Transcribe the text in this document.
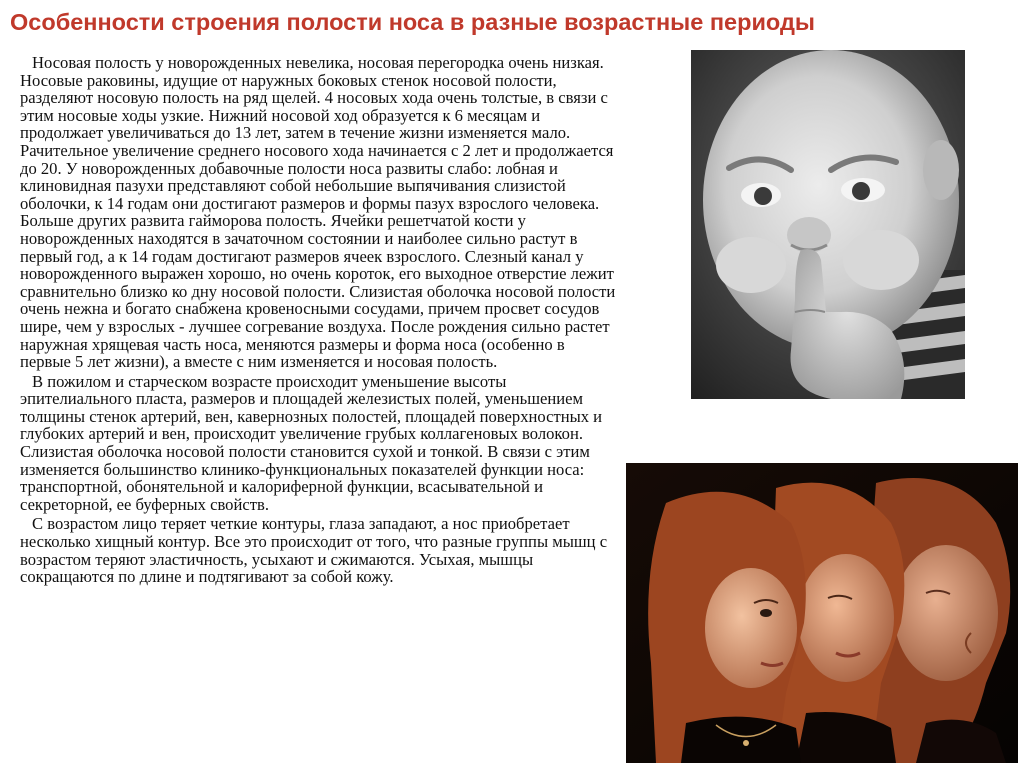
Особенности строения полости носа в разные возрастные периоды

Носовая полость у новорожденных невелика, носовая перегородка очень низкая. Носовые раковины, идущие от наружных боковых стенок носовой полости, разделяют носовую полость на ряд щелей. 4 носовых хода очень толстые, в связи с этим носовые ходы узкие. Нижний носовой ход образуется к 6 месяцам и продолжает увеличиваться до 13 лет, затем в течение жизни изменяется мало. Рачительное увеличение среднего носового хода начинается с 2 лет и продолжается до 20. У новорожденных добавочные полости носа развиты слабо: лобная и клиновидная пазухи представляют собой небольшие выпячивания слизистой оболочки, к 14 годам они достигают размеров и формы пазух взрослого человека. Больше других развита гайморова полость. Ячейки решетчатой кости у новорожденных находятся в зачаточном состоянии и наиболее сильно растут в первый год, а к 14 годам достигают размеров ячеек взрослого. Слезный канал у новорожденного выражен хорошо, но очень короток, его выходное отверстие лежит сравнительно близко ко дну носовой полости. Слизистая оболочка носовой полости очень нежна и богато снабжена кровеносными сосудами, причем просвет сосудов шире, чем у взрослых - лучшее согревание воздуха. После рождения сильно растет наружная хрящевая часть носа, меняются размеры и форма носа (особенно в первые 5 лет жизни), а вместе с ним изменяется и носовая полость.

В пожилом и старческом возрасте происходит уменьшение высоты эпителиального пласта, размеров и площадей железистых полей, уменьшением толщины стенок артерий, вен, кавернозных полостей, площадей поверхностных и глубоких артерий и вен, происходит увеличение грубых коллагеновых волокон. Слизистая оболочка носовой полости становится сухой и тонкой. В связи с этим изменяется большинство клинико-функциональных показателей функции носа: транспортной, обонятельной и калориферной функции, всасывательной и секреторной, ее буферных свойств.

С возрастом лицо теряет четкие контуры, глаза западают, а нос приобретает несколько хищный контур. Все это происходит от того, что разные группы мышц с возрастом теряют эластичность, усыхают и сжимаются. Усыхая, мышцы сокращаются по длине и подтягивают за собой кожу.
